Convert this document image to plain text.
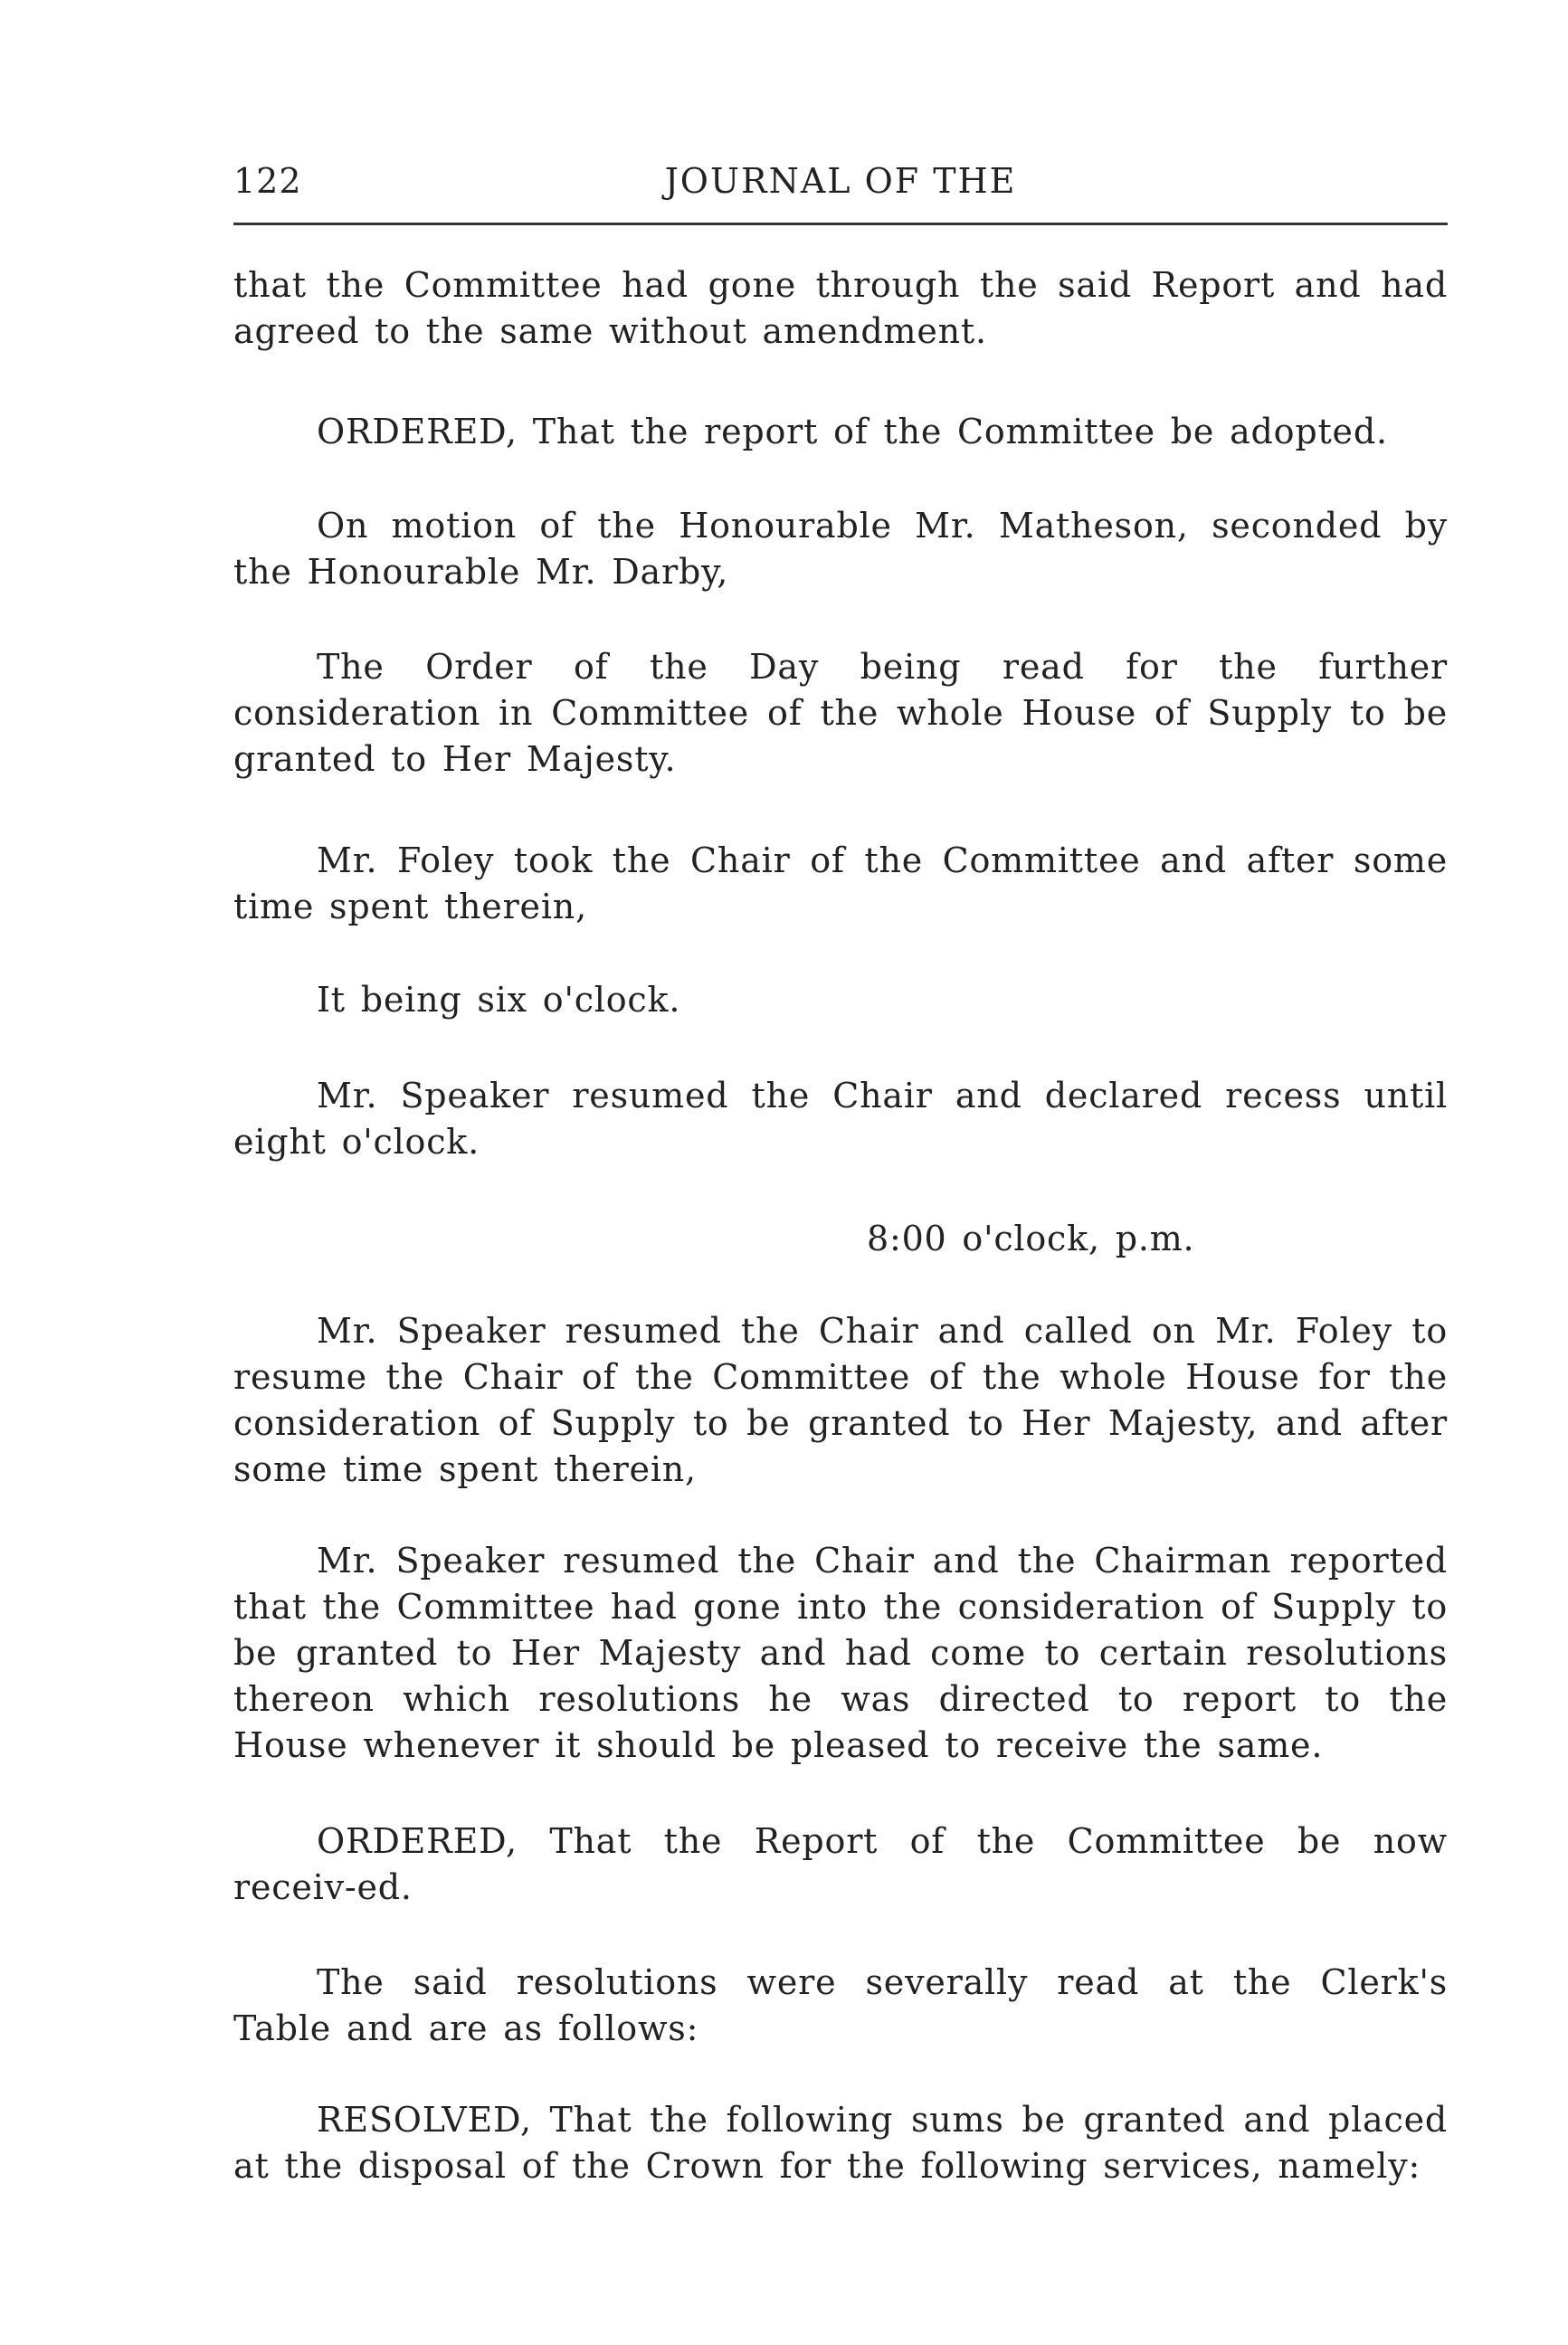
122	JOURNAL OF THE

that the Committee had gone through the said Report and had agreed to the same without amendment.

ORDERED, That the report of the Committee be adopted.

On motion of the Honourable Mr. Matheson, seconded by the Honourable Mr. Darby,

The Order of the Day being read for the further consideration in Committee of the whole House of Supply to be granted to Her Majesty.

Mr. Foley took the Chair of the Committee and after some time spent therein,

It being six o'clock.

Mr. Speaker resumed the Chair and declared recess until eight o'clock.

8:00 o'clock, p.m.

Mr. Speaker resumed the Chair and called on Mr. Foley to resume the Chair of the Committee of the whole House for the consideration of Supply to be granted to Her Majesty, and after some time spent therein,

Mr. Speaker resumed the Chair and the Chairman reported that the Committee had gone into the consideration of Supply to be granted to Her Majesty and had come to certain resolutions thereon which resolutions he was directed to report to the House whenever it should be pleased to receive the same.

ORDERED, That the Report of the Committee be now receiv-ed.

The said resolutions were severally read at the Clerk's Table and are as follows:

RESOLVED, That the following sums be granted and placed at the disposal of the Crown for the following services, namely:
